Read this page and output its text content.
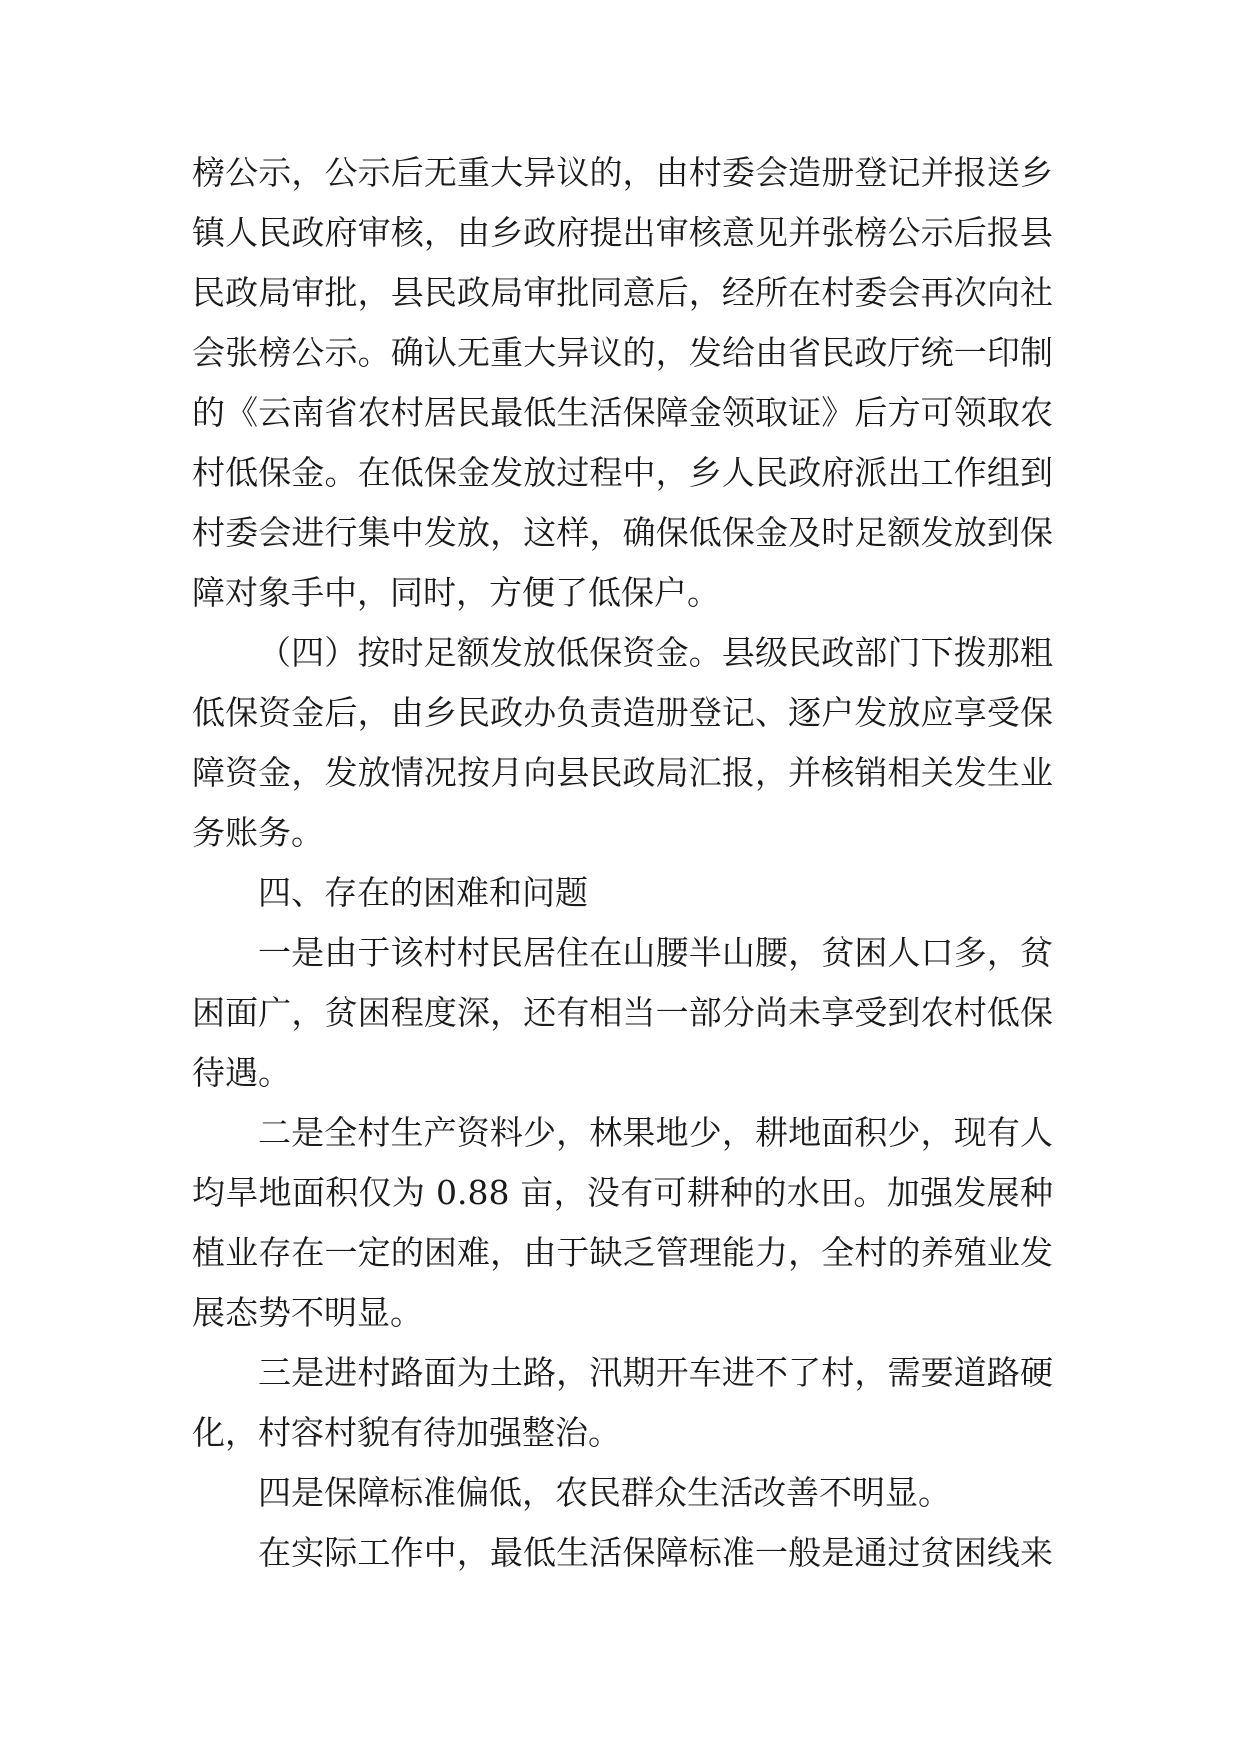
榜公示，公示后无重大异议的，由村委会造册登记并报送乡
镇人民政府审核，由乡政府提出审核意见并张榜公示后报县
民政局审批，县民政局审批同意后，经所在村委会再次向社
会张榜公示。确认无重大异议的，发给由省民政厅统一印制
的《云南省农村居民最低生活保障金领取证》后方可领取农
村低保金。在低保金发放过程中，乡人民政府派出工作组到
村委会进行集中发放，这样，确保低保金及时足额发放到保
障对象手中，同时，方便了低保户。
（四）按时足额发放低保资金。县级民政部门下拨那粗
低保资金后，由乡民政办负责造册登记、逐户发放应享受保
障资金，发放情况按月向县民政局汇报，并核销相关发生业
务账务。
四、存在的困难和问题
一是由于该村村民居住在山腰半山腰，贫困人口多，贫
困面广，贫困程度深，还有相当一部分尚未享受到农村低保
待遇。
二是全村生产资料少，林果地少，耕地面积少，现有人
均旱地面积仅为 0.88 亩，没有可耕种的水田。加强发展种
植业存在一定的困难，由于缺乏管理能力，全村的养殖业发
展态势不明显。
三是进村路面为土路，汛期开车进不了村，需要道路硬
化，村容村貌有待加强整治。
四是保障标准偏低，农民群众生活改善不明显。
在实际工作中，最低生活保障标准一般是通过贫困线来
